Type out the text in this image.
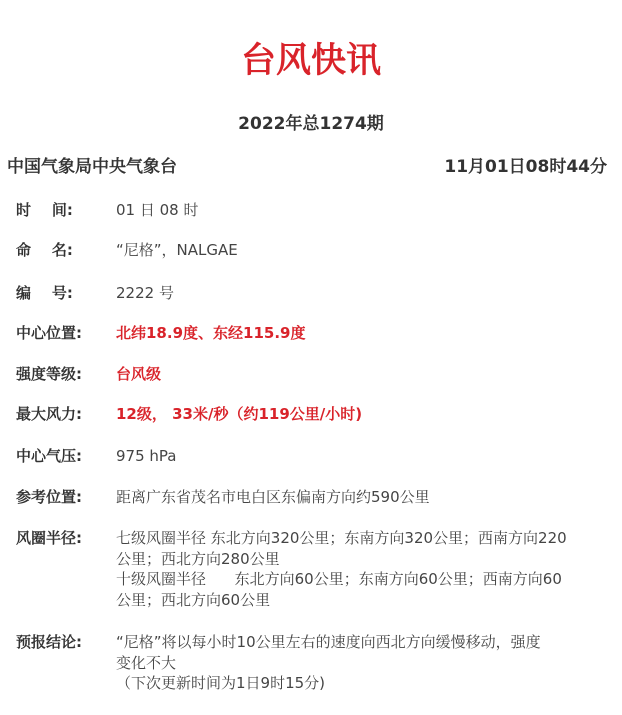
台风快讯
2022年总1274期
中国气象局中央气象台	11月01日08时44分
时    间:	01 日 08 时
命    名:	“尼格”，NALGAE
编    号:	2222 号
中心位置: 北纬18.9度、东经115.9度
强度等级: 台风级
最大风力: 12级， 33米/秒（约119公里/小时)
中心气压: 975 hPa
参考位置: 距离广东省茂名市电白区东偏南方向约590公里
风圈半径: 七级风圈半径 东北方向320公里；东南方向320公里；西南方向220
公里；西北方向280公里
十级风圈半径      东北方向60公里；东南方向60公里；西南方向60
公里；西北方向60公里
预报结论: “尼格”将以每小时10公里左右的速度向西北方向缓慢移动，强度
变化不大
（下次更新时间为1日9时15分)
